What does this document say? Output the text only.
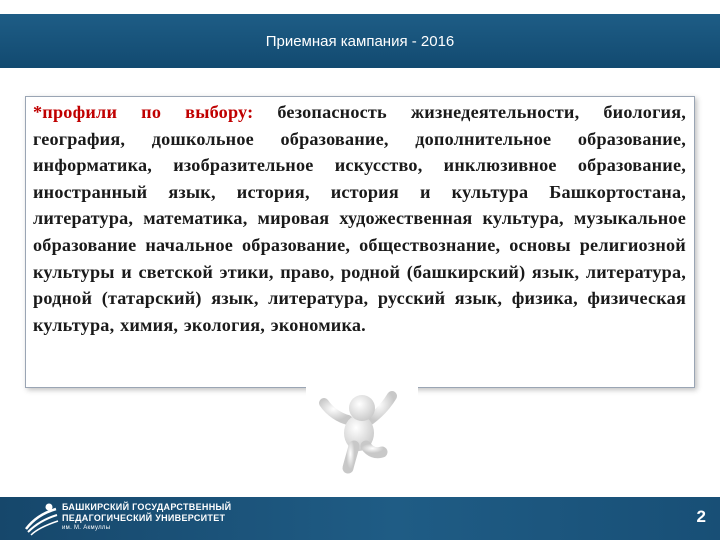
Приемная кампания - 2016

*профили по выбору: безопасность жизнедеятельности, биология, география, дошкольное образование, дополнительное образование, информатика, изобразительное искусство, инклюзивное образование, иностранный язык, история, история и культура Башкортостана, литература, математика, мировая художественная культура, музыкальное образование начальное образование, обществознание, основы религиозной культуры и светской этики, право, родной (башкирский) язык, литература, родной (татарский) язык, литература, русский язык, физика, физическая культура, химия, экология, экономика.

БАШКИРСКИЙ ГОСУДАРСТВЕННЫЙ
ПЕДАГОГИЧЕСКИЙ УНИВЕРСИТЕТ
им. М. Акмуллы
2
